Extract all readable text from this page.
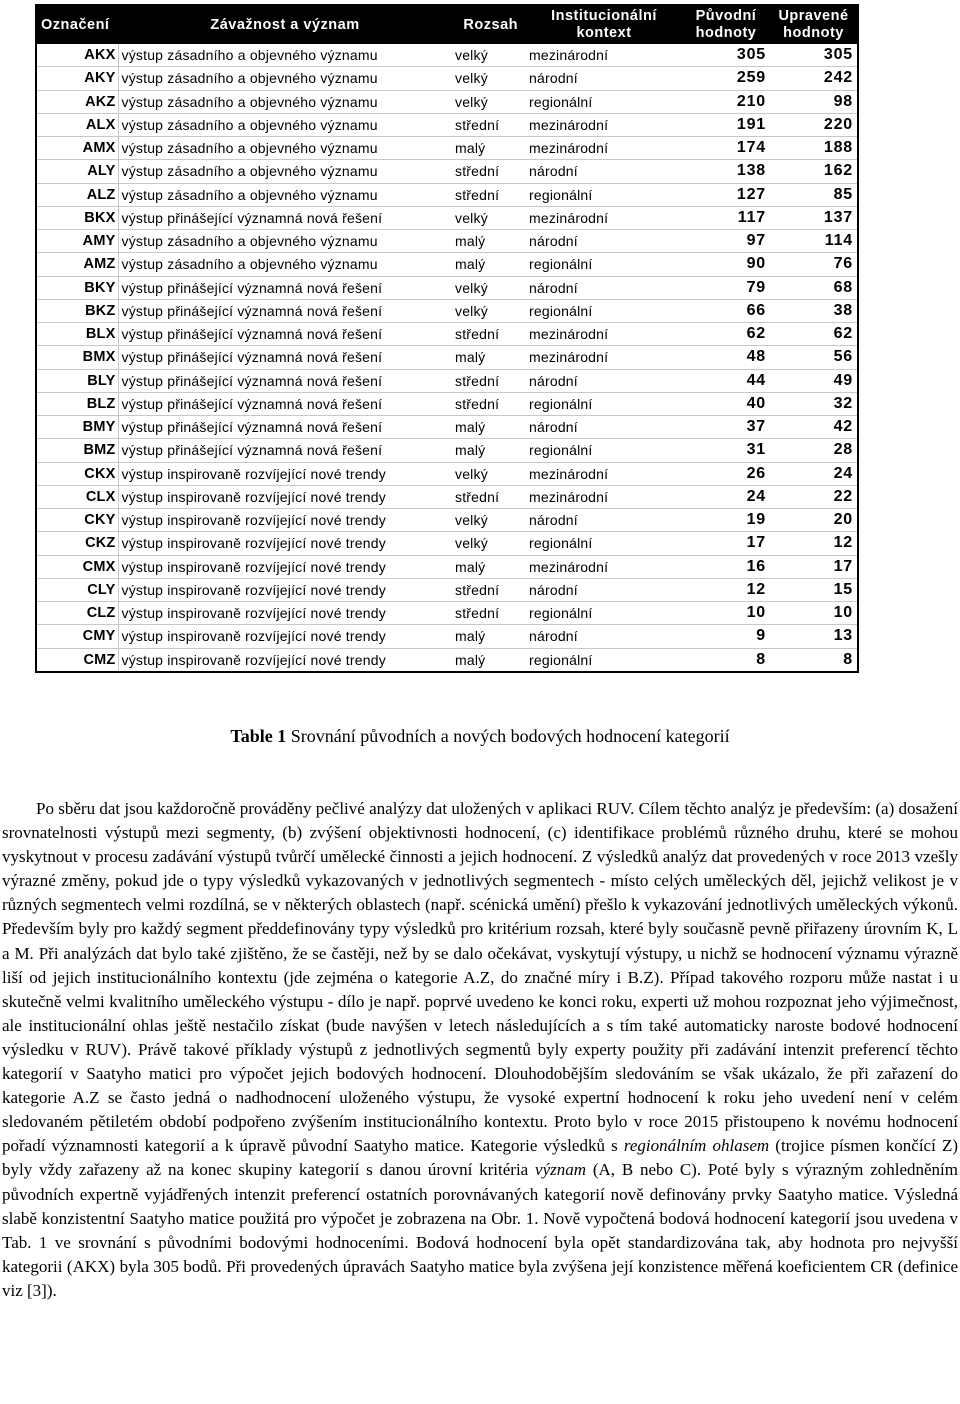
Označení	Závažnost a význam	Rozsah	Institucionální kontext	Původní hodnoty	Upravené hodnoty
AKX	výstup zásadního a objevného významu	velký	mezinárodní	305	305
AKY	výstup zásadního a objevného významu	velký	národní	259	242
AKZ	výstup zásadního a objevného významu	velký	regionální	210	98
ALX	výstup zásadního a objevného významu	střední	mezinárodní	191	220
AMX	výstup zásadního a objevného významu	malý	mezinárodní	174	188
ALY	výstup zásadního a objevného významu	střední	národní	138	162
ALZ	výstup zásadního a objevného významu	střední	regionální	127	85
BKX	výstup přinášející významná nová řešení	velký	mezinárodní	117	137
AMY	výstup zásadního a objevného významu	malý	národní	97	114
AMZ	výstup zásadního a objevného významu	malý	regionální	90	76
BKY	výstup přinášející významná nová řešení	velký	národní	79	68
BKZ	výstup přinášející významná nová řešení	velký	regionální	66	38
BLX	výstup přinášející významná nová řešení	střední	mezinárodní	62	62
BMX	výstup přinášející významná nová řešení	malý	mezinárodní	48	56
BLY	výstup přinášející významná nová řešení	střední	národní	44	49
BLZ	výstup přinášející významná nová řešení	střední	regionální	40	32
BMY	výstup přinášející významná nová řešení	malý	národní	37	42
BMZ	výstup přinášející významná nová řešení	malý	regionální	31	28
CKX	výstup inspirovaně rozvíjející nové trendy	velký	mezinárodní	26	24
CLX	výstup inspirovaně rozvíjející nové trendy	střední	mezinárodní	24	22
CKY	výstup inspirovaně rozvíjející nové trendy	velký	národní	19	20
CKZ	výstup inspirovaně rozvíjející nové trendy	velký	regionální	17	12
CMX	výstup inspirovaně rozvíjející nové trendy	malý	mezinárodní	16	17
CLY	výstup inspirovaně rozvíjející nové trendy	střední	národní	12	15
CLZ	výstup inspirovaně rozvíjející nové trendy	střední	regionální	10	10
CMY	výstup inspirovaně rozvíjející nové trendy	malý	národní	9	13
CMZ	výstup inspirovaně rozvíjející nové trendy	malý	regionální	8	8
Table 1 Srovnání původních a nových bodových hodnocení kategorií

Po sběru dat jsou každoročně prováděny pečlivé analýzy dat uložených v aplikaci RUV. Cílem těchto analýz je především: (a) dosažení srovnatelnosti výstupů mezi segmenty, (b) zvýšení objektivnosti hodnocení, (c) identifikace problémů různého druhu, které se mohou vyskytnout v procesu zadávání výstupů tvůrčí umělecké činnosti a jejich hodnocení. Z výsledků analýz dat provedených v roce 2013 vzešly výrazné změny, pokud jde o typy výsledků vykazovaných v jednotlivých segmentech - místo celých uměleckých děl, jejichž velikost je v různých segmentech velmi rozdílná, se v některých oblastech (např. scénická umění) přešlo k vykazování jednotlivých uměleckých výkonů. Především byly pro každý segment předdefinovány typy výsledků pro kritérium rozsah, které byly současně pevně přiřazeny úrovním K, L a M. Při analýzách dat bylo také zjištěno, že se častěji, než by se dalo očekávat, vyskytují výstupy, u nichž se hodnocení významu výrazně liší od jejich institucionálního kontextu (jde zejména o kategorie A.Z, do značné míry i B.Z). Případ takového rozporu může nastat i u skutečně velmi kvalitního uměleckého výstupu - dílo je např. poprvé uvedeno ke konci roku, experti už mohou rozpoznat jeho výjimečnost, ale institucionální ohlas ještě nestačilo získat (bude navýšen v letech následujících a s tím také automaticky naroste bodové hodnocení výsledku v RUV). Právě takové příklady výstupů z jednotlivých segmentů byly experty použity při zadávání intenzit preferencí těchto kategorií v Saatyho matici pro výpočet jejich bodových hodnocení. Dlouhodobějším sledováním se však ukázalo, že při zařazení do kategorie A.Z se často jedná o nadhodnocení uloženého výstupu, že vysoké expertní hodnocení k roku jeho uvedení není v celém sledovaném pětiletém období podpořeno zvýšením institucionálního kontextu. Proto bylo v roce 2015 přistoupeno k novému hodnocení pořadí významnosti kategorií a k úpravě původní Saatyho matice. Kategorie výsledků s regionálním ohlasem (trojice písmen končící Z) byly vždy zařazeny až na konec skupiny kategorií s danou úrovní kritéria význam (A, B nebo C). Poté byly s výrazným zohledněním původních expertně vyjádřených intenzit preferencí ostatních porovnávaných kategorií nově definovány prvky Saatyho matice. Výsledná slabě konzistentní Saatyho matice použitá pro výpočet je zobrazena na Obr. 1. Nově vypočtená bodová hodnocení kategorií jsou uvedena v Tab. 1 ve srovnání s původními bodovými hodnoceními. Bodová hodnocení byla opět standardizována tak, aby hodnota pro nejvyšší kategorii (AKX) byla 305 bodů. Při provedených úpravách Saatyho matice byla zvýšena její konzistence měřená koeficientem CR (definice viz [3]).
